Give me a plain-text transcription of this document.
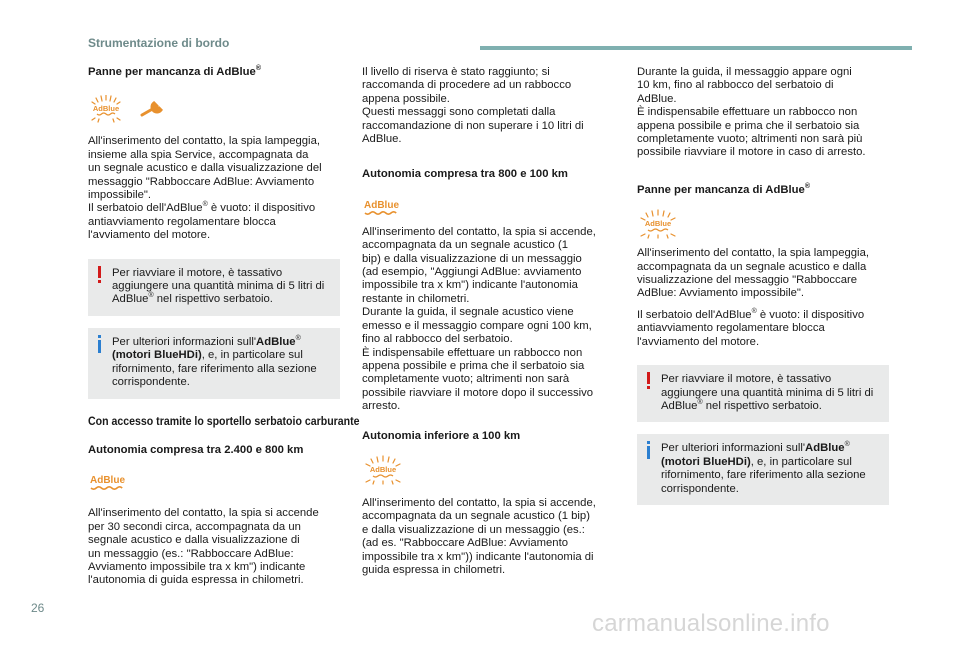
Strumentazione di bordo

Panne per mancanza di AdBlue®

AdBlue

All'inserimento del contatto, la spia lampeggia,

insieme alla spia Service, accompagnata da

un segnale acustico e dalla visualizzazione del

messaggio "Rabboccare AdBlue: Avviamento

impossibile".

Il serbatoio dell'AdBlue® è vuoto: il dispositivo

antiavviamento regolamentare blocca

l'avviamento del motore.

Per riavviare il motore, è tassativo

aggiungere una quantità minima di 5 litri di

AdBlue® nel rispettivo serbatoio.

Per ulteriori informazioni sull'AdBlue®

(motori BlueHDi), e, in particolare sul

rifornimento, fare riferimento alla sezione

corrispondente.

Con accesso tramite lo sportello serbatoio carburante

Autonomia compresa tra 2.400 e 800 km

AdBlue

All'inserimento del contatto, la spia si accende

per 30 secondi circa, accompagnata da un

segnale acustico e dalla visualizzazione di

un messaggio (es.: "Rabboccare AdBlue:

Avviamento impossibile tra x km") indicante

l'autonomia di guida espressa in chilometri.

Il livello di riserva è stato raggiunto; si

raccomanda di procedere ad un rabbocco

appena possibile.

Questi messaggi sono completati dalla

raccomandazione di non superare i 10 litri di

AdBlue.

Autonomia compresa tra 800 e 100 km

AdBlue

All'inserimento del contatto, la spia si accende,

accompagnata da un segnale acustico (1

bip) e dalla visualizzazione di un messaggio

(ad esempio, "Aggiungi AdBlue: avviamento

impossibile tra x km") indicante l'autonomia

restante in chilometri.

Durante la guida, il segnale acustico viene

emesso e il messaggio compare ogni 100 km,

fino al rabbocco del serbatoio.

È indispensabile effettuare un rabbocco non

appena possibile e prima che il serbatoio sia

completamente vuoto; altrimenti non sarà

possibile riavviare il motore dopo il successivo

arresto.

Autonomia inferiore a 100 km

AdBlue

All'inserimento del contatto, la spia si accende,

accompagnata da un segnale acustico (1 bip)

e dalla visualizzazione di un messaggio (es.:

(ad es. "Rabboccare AdBlue: Avviamento

impossibile tra x km")) indicante l'autonomia di

guida espressa in chilometri.

Durante la guida, il messaggio appare ogni

10 km, fino al rabbocco del serbatoio di

AdBlue.

È indispensabile effettuare un rabbocco non

appena possibile e prima che il serbatoio sia

completamente vuoto; altrimenti non sarà più

possibile riavviare il motore in caso di arresto.

Panne per mancanza di AdBlue®

AdBlue

All'inserimento del contatto, la spia lampeggia,

accompagnata da un segnale acustico e dalla

visualizzazione del messaggio "Rabboccare

AdBlue: Avviamento impossibile".

Il serbatoio dell'AdBlue® è vuoto: il dispositivo

antiavviamento regolamentare blocca

l'avviamento del motore.

Per riavviare il motore, è tassativo

aggiungere una quantità minima di 5 litri di

AdBlue® nel rispettivo serbatoio.

Per ulteriori informazioni sull'AdBlue®

(motori BlueHDi), e, in particolare sul

rifornimento, fare riferimento alla sezione

corrispondente.

26
carmanualsonline.info
